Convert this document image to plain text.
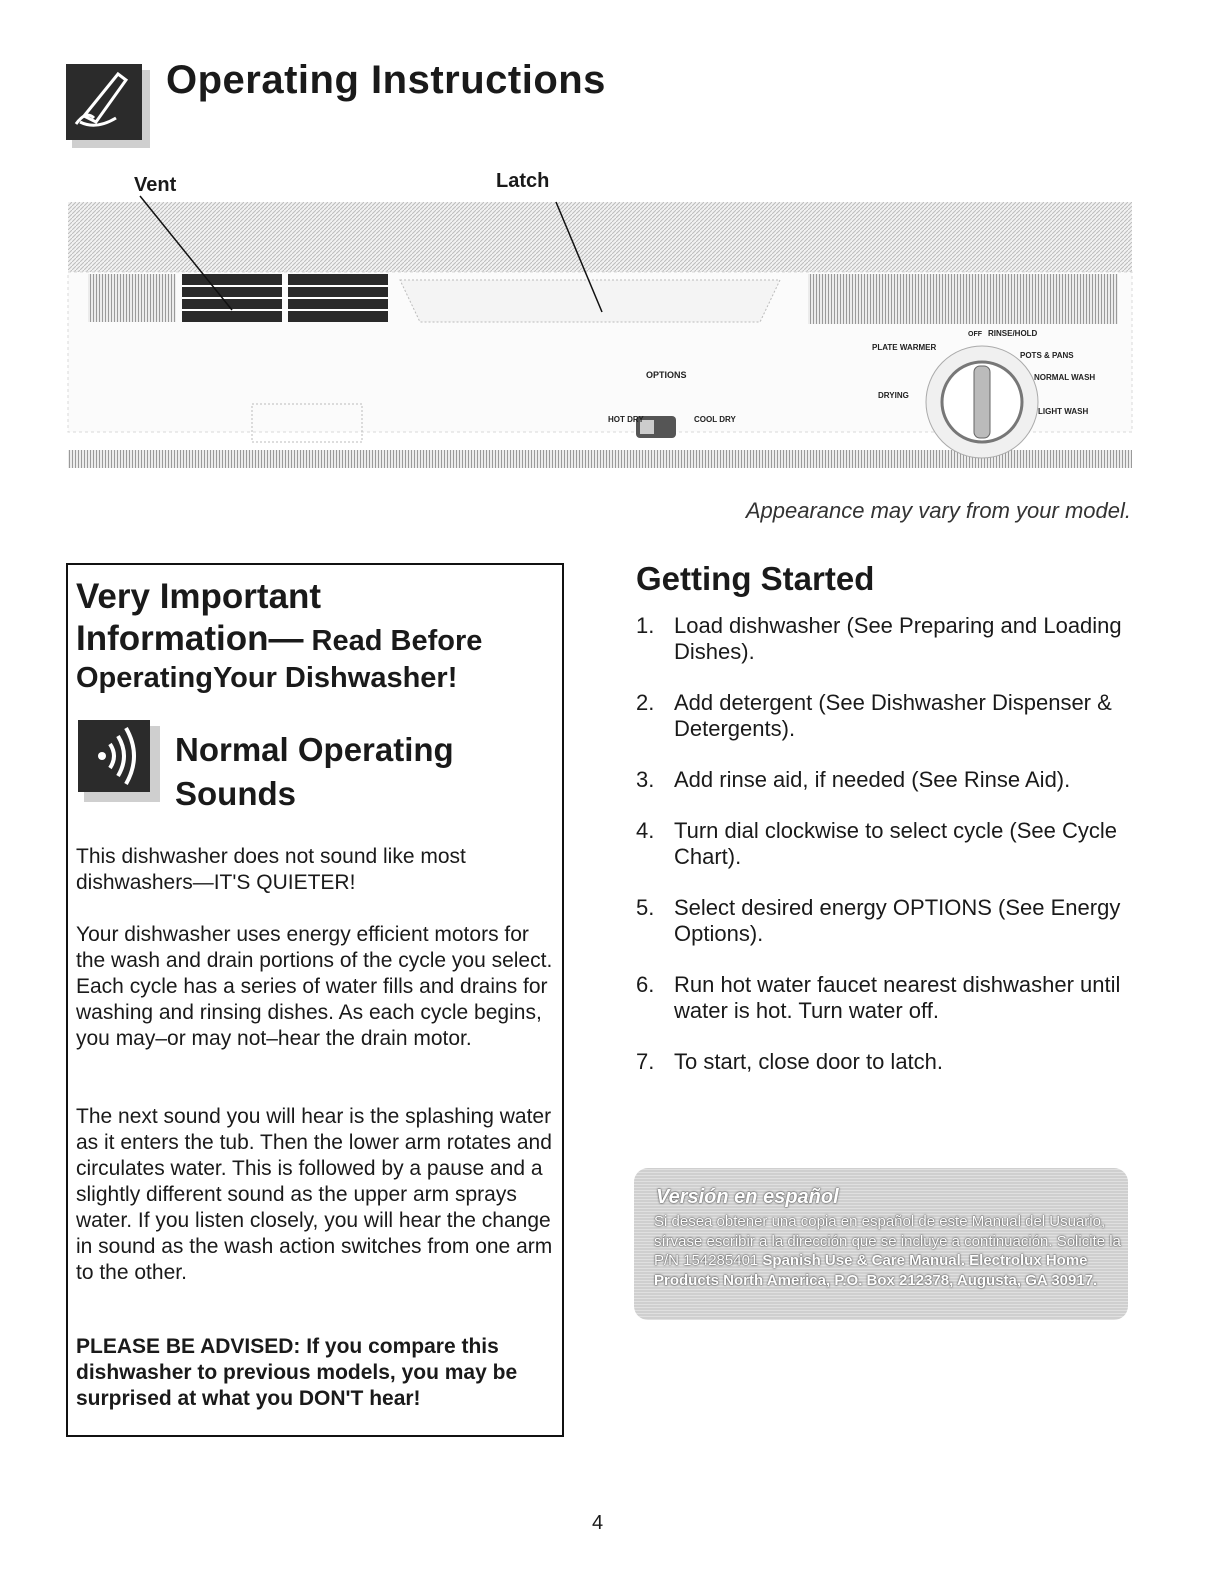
Operating Instructions
Vent	Latch
OPTIONS
HOT DRY	COOL DRY
PLATE WARMER
DRYING
OFF RINSE/HOLD
POTS & PANS
NORMAL WASH
LIGHT WASH
Appearance may vary from your model.
Very Important
Information— Read Before
OperatingYour Dishwasher!
Normal Operating Sounds
This dishwasher does not sound like most dishwashers—IT'S QUIETER!
Your dishwasher uses energy efficient motors for the wash and drain portions of the cycle you select. Each cycle has a series of water fills and drains for washing and rinsing dishes. As each cycle begins, you may–or may not–hear the drain motor.
The next sound you will hear is the splashing water as it enters the tub. Then the lower arm rotates and circulates water. This is followed by a pause and a slightly different sound as the upper arm sprays water. If you listen closely, you will hear the change in sound as the wash action switches from one arm to the other.
PLEASE BE ADVISED: If you compare this dishwasher to previous models, you may be surprised at what you DON'T hear!
Getting Started
1. Load dishwasher (See Preparing and Loading Dishes).
2. Add detergent (See Dishwasher Dispenser & Detergents).
3. Add rinse aid, if needed (See Rinse Aid).
4. Turn dial clockwise to select cycle (See Cycle Chart).
5. Select desired energy OPTIONS (See Energy Options).
6. Run hot water faucet nearest dishwasher until water is hot. Turn water off.
7. To start, close door to latch.
Versión en español
Si desea obtener una copia en español de este Manual del Usuario, sírvase escribir a la dirección que se incluye a continuación. Solicite la P/N 154285401 Spanish Use & Care Manual. Electrolux Home Products North America, P.O. Box 212378, Augusta, GA 30917.
4
